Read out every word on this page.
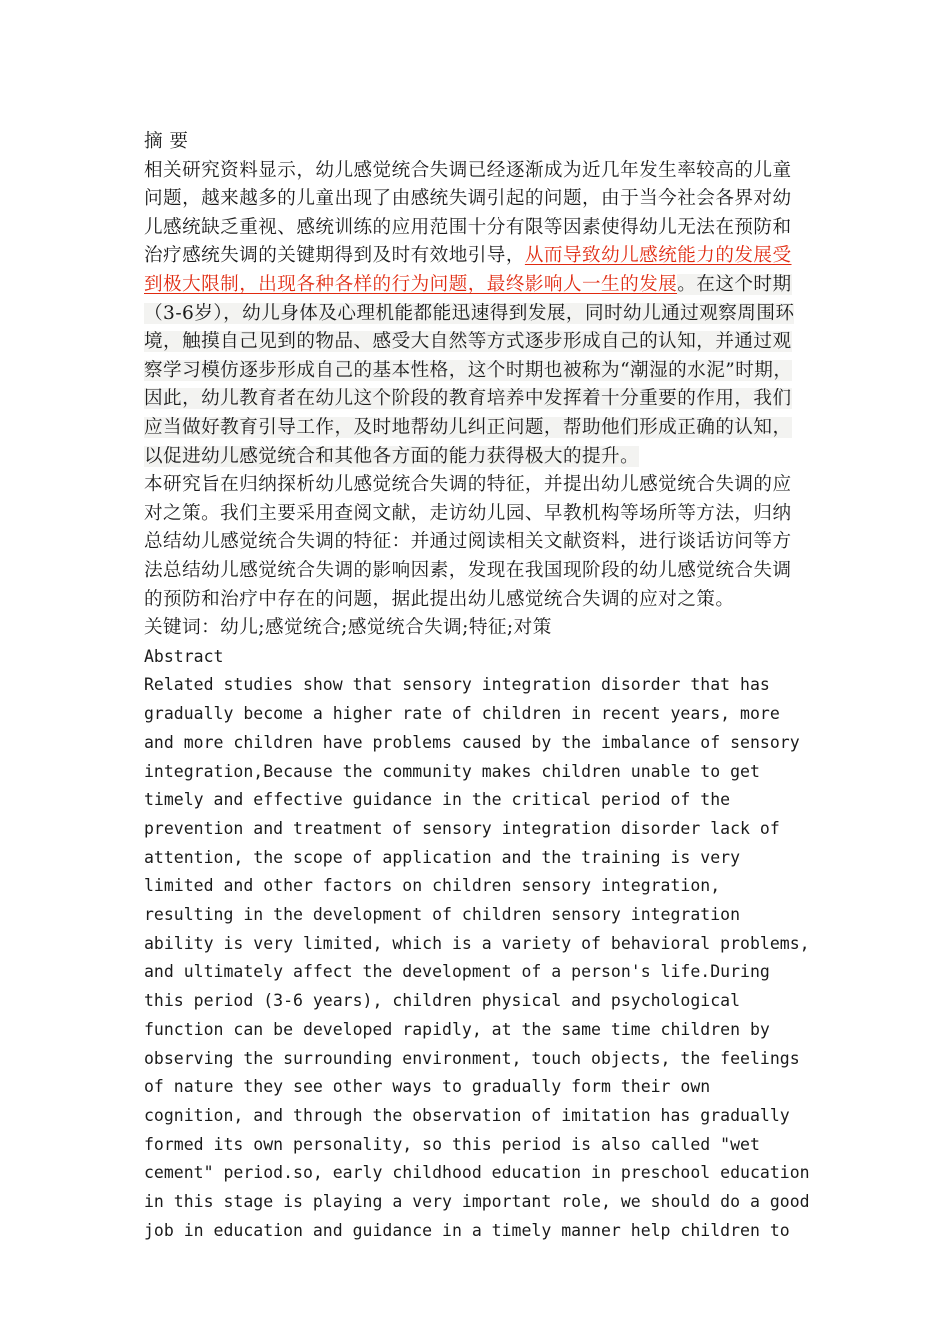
摘 要

相关研究资料显示，幼儿感觉统合失调已经逐渐成为近几年发生率较高的儿童问题，越来越多的儿童出现了由感统失调引起的问题，由于当今社会各界对幼儿感统缺乏重视、感统训练的应用范围十分有限等因素使得幼儿无法在预防和治疗感统失调的关键期得到及时有效地引导，从而导致幼儿感统能力的发展受到极大限制，出现各种各样的行为问题，最终影响人一生的发展。在这个时期（3-6岁），幼儿身体及心理机能都能迅速得到发展，同时幼儿通过观察周围环境，触摸自己见到的物品、感受大自然等方式逐步形成自己的认知，并通过观察学习模仿逐步形成自己的基本性格，这个时期也被称为“潮湿的水泥”时期，因此，幼儿教育者在幼儿这个阶段的教育培养中发挥着十分重要的作用，我们应当做好教育引导工作，及时地帮幼儿纠正问题，帮助他们形成正确的认知，以促进幼儿感觉统合和其他各方面的能力获得极大的提升。

本研究旨在归纳探析幼儿感觉统合失调的特征，并提出幼儿感觉统合失调的应对之策。我们主要采用查阅文献，走访幼儿园、早教机构等场所等方法，归纳总结幼儿感觉统合失调的特征：并通过阅读相关文献资料，进行谈话访问等方法总结幼儿感觉统合失调的影响因素，发现在我国现阶段的幼儿感觉统合失调的预防和治疗中存在的问题，据此提出幼儿感觉统合失调的应对之策。

关键词：幼儿;感觉统合;感觉统合失调;特征;对策

Abstract

Related studies show that sensory integration disorder that has gradually become a higher rate of children in recent years, more and more children have problems caused by the imbalance of sensory integration,Because the community makes children unable to get timely and effective guidance in the critical period of the prevention and treatment of sensory integration disorder lack of attention, the scope of application and the training is very limited and other factors on children sensory integration, resulting in the development of children sensory integration ability is very limited, which is a variety of behavioral problems, and ultimately affect the development of a person's life.During this period (3-6 years), children physical and psychological function can be developed rapidly, at the same time children by observing the surrounding environment, touch objects, the feelings of nature they see other ways to gradually form their own cognition, and through the observation of imitation has gradually formed its own personality, so this period is also called "wet cement" period.so, early childhood education in preschool education in this stage is playing a very important role, we should do a good job in education and guidance in a timely manner help children to
